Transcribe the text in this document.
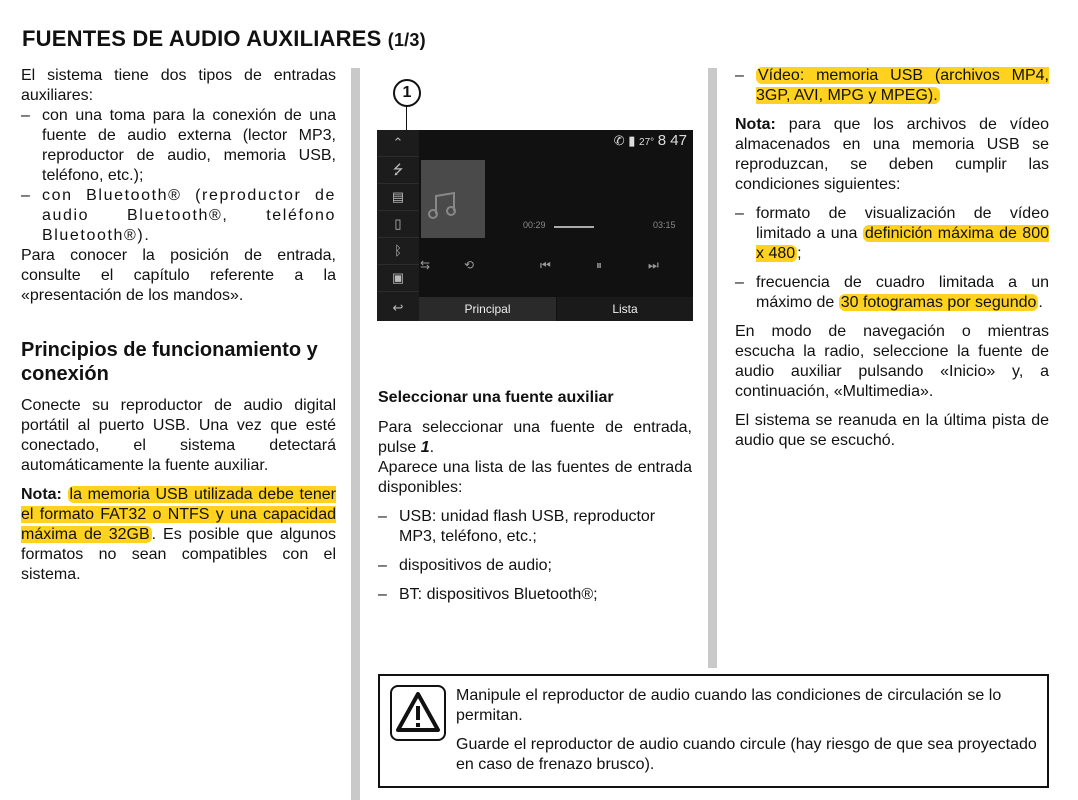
FUENTES DE AUDIO AUXILIARES (1/3)

El sistema tiene dos tipos de entradas auxiliares:

– con una toma para la conexión de una fuente de audio externa (lector MP3, reproductor de audio, memoria USB, teléfono, etc.);
– con Bluetooth® (reproductor de audio Bluetooth®, teléfono Bluetooth®).

Para conocer la posición de entrada, consulte el capítulo referente a la «presentación de los mandos».

Principios de funcionamiento y conexión

Conecte su reproductor de audio digital portátil al puerto USB. Una vez que esté conectado, el sistema detectará automáticamente la fuente auxiliar.

Nota: la memoria USB utilizada debe tener el formato FAT32 o NTFS y una capacidad máxima de 32GB . Es posible que algunos formatos no sean compatibles con el sistema.

1
⌃
⭍
▤
▯
ᛒ
▣
↩
✆ ▮ 27° 8 47
00:29	03:15
⇆	⟲	⏮	⏸	⏭
Principal	Lista
Seleccionar una fuente auxiliar

Para seleccionar una fuente de entrada, pulse 1.

Aparece una lista de las fuentes de entrada disponibles:

– USB: unidad flash USB, reproductor MP3, teléfono, etc.;
– dispositivos de audio;
– BT: dispositivos Bluetooth®;
– Vídeo: memoria USB (archivos MP4, 3GP, AVI, MPG y MPEG).

Nota: para que los archivos de vídeo almacenados en una memoria USB se reproduzcan, se deben cumplir las condiciones siguientes:

– formato de visualización de vídeo limitado a una definición máxima de 800 x 480 ;
– frecuencia de cuadro limitada a un máximo de 30 fotogramas por segundo .

En modo de navegación o mientras escucha la radio, seleccione la fuente de audio auxiliar pulsando «Inicio» y, a continuación, «Multimedia».

El sistema se reanuda en la última pista de audio que se escuchó.

Manipule el reproductor de audio cuando las condiciones de circulación se lo permitan.

Guarde el reproductor de audio cuando circule (hay riesgo de que sea proyectado en caso de frenazo brusco).
